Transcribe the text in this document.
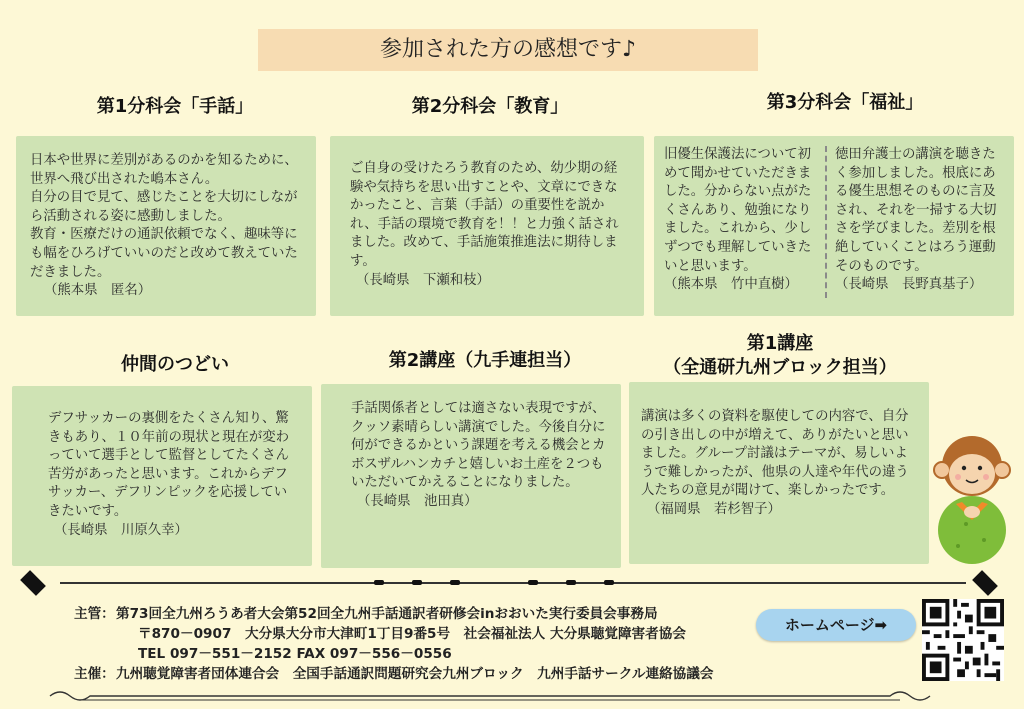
参加された方の感想です♪
第1分科会「手話」	第2分科会「教育」	第3分科会「福祉」
日本や世界に差別があるのかを知るために、世界へ飛び出された嶋本さん。
自分の目で見て、感じたことを大切にしながら活動される姿に感動しました。
教育・医療だけの通訳依頼でなく、趣味等にも幅をひろげていいのだと改めて教えていただきました。
（熊本県　匿名）
ご自身の受けたろう教育のため、幼少期の経験や気持ちを思い出すことや、文章にできなかったこと、言葉（手話）の重要性を説かれ、手話の環境で教育を！！と力強く話されました。改めて、手話施策推進法に期待します。
（長崎県　下瀬和枝）
旧優生保護法について初めて聞かせていただきました。分からない点がたくさんあり、勉強になりました。これから、少しずつでも理解していきたいと思います。
（熊本県　竹中直樹）
徳田弁護士の講演を聴きたく参加しました。根底にある優生思想そのものに言及され、それを一掃する大切さを学びました。差別を根絶していくことはろう運動そのものです。
（長崎県　長野真基子）
仲間のつどい	第2講座（九手連担当）
第1講座
（全通研九州ブロック担当）
デフサッカーの裏側をたくさん知り、驚きもあり、１０年前の現状と現在が変わっていて選手として監督としてたくさん苦労があったと思います。これからデフサッカー、デフリンピックを応援していきたいです。
（長崎県　川原久幸）
手話関係者としては適さない表現ですが、クッソ素晴らしい講演でした。今後自分に何ができるかという課題を考える機会とカボスザルハンカチと嬉しいお土産を２つもいただいてかえることになりました。
（長崎県　池田真）
講演は多くの資料を駆使しての内容で、自分の引き出しの中が増えて、ありがたいと思いました。グループ討議はテーマが、易しいようで難しかったが、他県の人達や年代の違う人たちの意見が聞けて、楽しかったです。
（福岡県　若杉智子）
主管： 第73回全九州ろうあ者大会第52回全九州手話通訳者研修会inおおいた実行委員会事務局
〒870－0907　大分県大分市大津町1丁目9番5号　社会福祉法人 大分県聴覚障害者協会
TEL 097－551－2152 FAX 097－556－0556
主催： 九州聴覚障害者団体連合会　全国手話通訳問題研究会九州ブロック　九州手話サークル連絡協議会
ホームページ➡
